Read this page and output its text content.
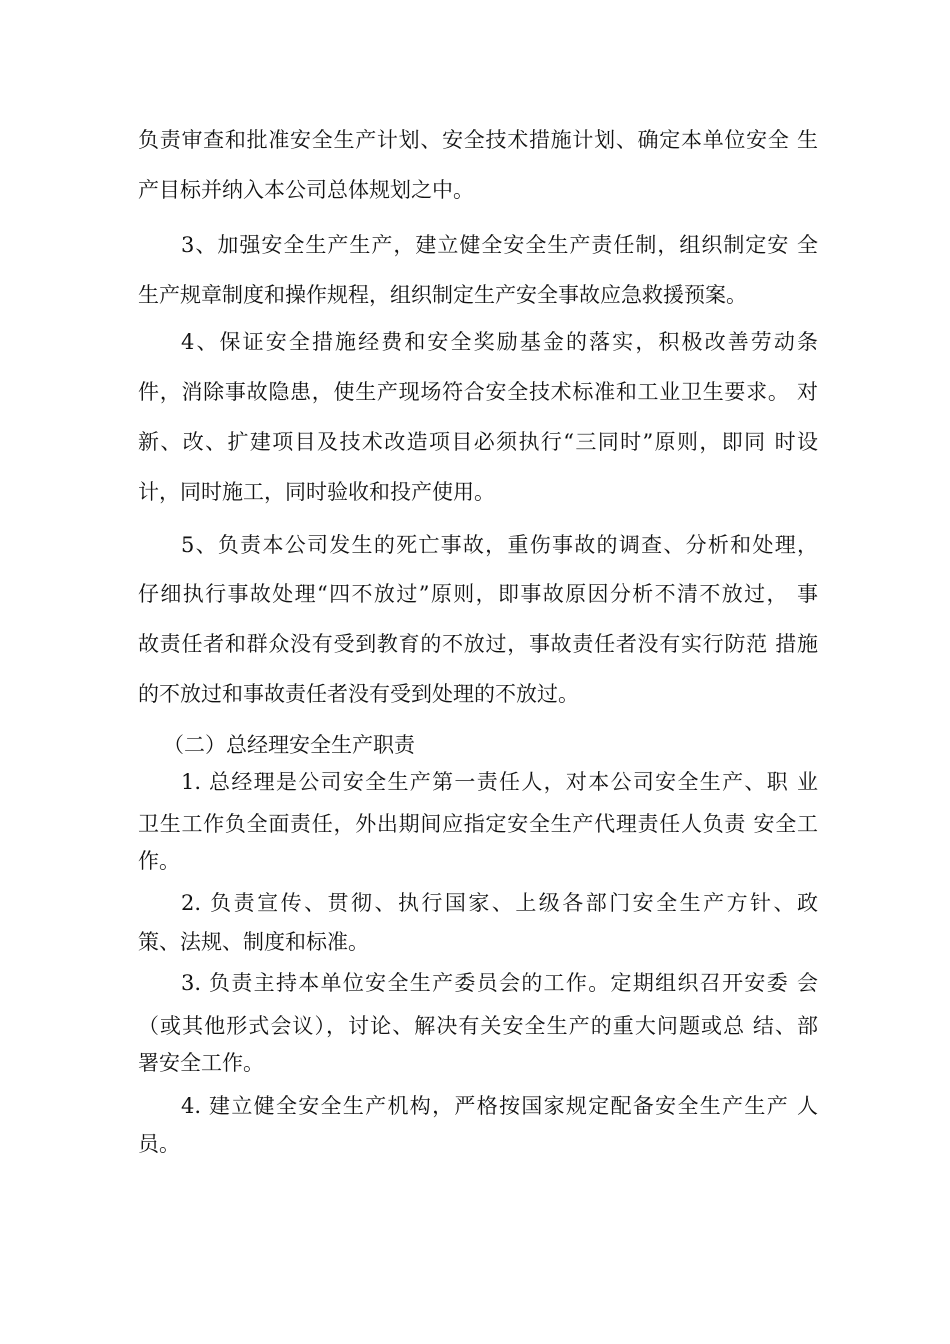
负责审查和批准安全生产计划、安全技术措施计划、确定本单位安全 生
产目标并纳入本公司总体规划之中。
3、加强安全生产生产，建立健全安全生产责任制，组织制定安 全
生产规章制度和操作规程，组织制定生产安全事故应急救援预案。
4、保证安全措施经费和安全奖励基金的落实，积极改善劳动条
件，消除事故隐患，使生产现场符合安全技术标准和工业卫生要求。 对
新、改、扩建项目及技术改造项目必须执行“三同时”原则，即同 时设
计，同时施工，同时验收和投产使用。
5、负责本公司发生的死亡事故，重伤事故的调查、分析和处理，
仔细执行事故处理“四不放过”原则，即事故原因分析不清不放过， 事
故责任者和群众没有受到教育的不放过，事故责任者没有实行防范 措施
的不放过和事故责任者没有受到处理的不放过。
（二）总经理安全生产职责
1. 总经理是公司安全生产第一责任人，对本公司安全生产、职 业
卫生工作负全面责任，外出期间应指定安全生产代理责任人负责 安全工
作。
2. 负责宣传、贯彻、执行国家、上级各部门安全生产方针、政
策、法规、制度和标准。
3. 负责主持本单位安全生产委员会的工作。定期组织召开安委 会
（或其他形式会议），讨论、解决有关安全生产的重大问题或总 结、部
署安全工作。
4. 建立健全安全生产机构，严格按国家规定配备安全生产生产 人
员。
